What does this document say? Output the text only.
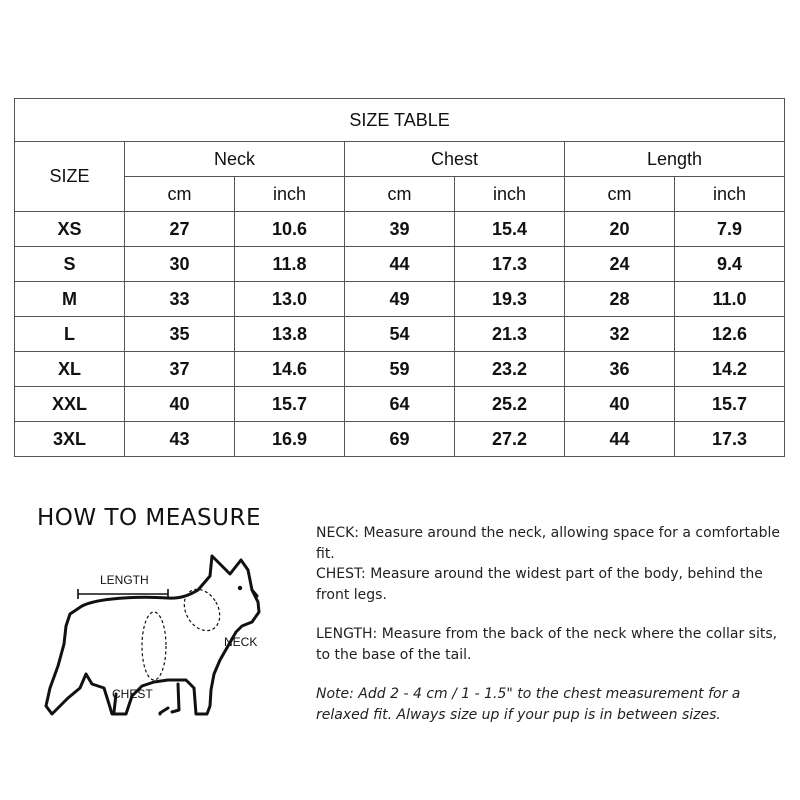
SIZE TABLE						
SIZE	Neck		Chest		Length	
	cm	inch	cm	inch	cm	inch
XS	27	10.6	39	15.4	20	7.9
S	30	11.8	44	17.3	24	9.4
M	33	13.0	49	19.3	28	11.0
L	35	13.8	54	21.3	32	12.6
XL	37	14.6	59	23.2	36	14.2
XXL	40	15.7	64	25.2	40	15.7
3XL	43	16.9	69	27.2	44	17.3
HOW TO MEASURE
LENGTH
NECK
CHEST
NECK: Measure around the neck, allowing space for a comfortable fit.
CHEST: Measure around the widest part of the body, behind the front legs.
LENGTH: Measure from the back of the neck where the collar sits, to the base of the tail.
Note: Add 2 - 4 cm / 1 - 1.5" to the chest measurement for a relaxed fit. Always size up if your pup is in between sizes.
